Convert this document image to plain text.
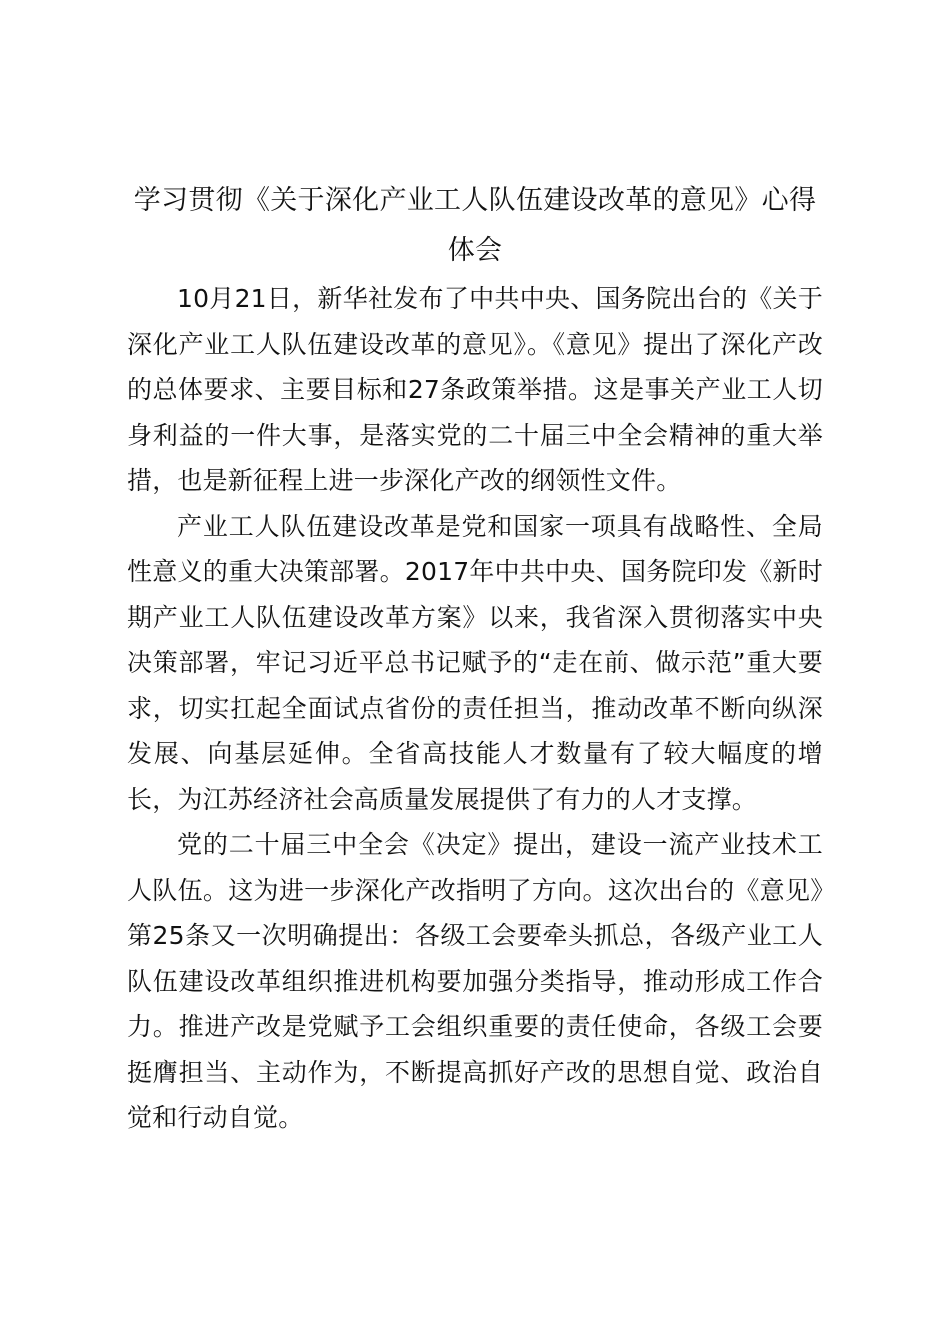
学习贯彻《关于深化产业工人队伍建设改革的意见》心得体会

10月21日，新华社发布了中共中央、国务院出台的《关于深化产业工人队伍建设改革的意见》。《意见》提出了深化产改的总体要求、主要目标和27条政策举措。这是事关产业工人切身利益的一件大事，是落实党的二十届三中全会精神的重大举措，也是新征程上进一步深化产改的纲领性文件。

产业工人队伍建设改革是党和国家一项具有战略性、全局性意义的重大决策部署。2017年中共中央、国务院印发《新时期产业工人队伍建设改革方案》以来，我省深入贯彻落实中央决策部署，牢记习近平总书记赋予的“走在前、做示范”重大要求，切实扛起全面试点省份的责任担当，推动改革不断向纵深发展、向基层延伸。全省高技能人才数量有了较大幅度的增长，为江苏经济社会高质量发展提供了有力的人才支撑。

党的二十届三中全会《决定》提出，建设一流产业技术工人队伍。这为进一步深化产改指明了方向。这次出台的《意见》第25条又一次明确提出：各级工会要牵头抓总，各级产业工人队伍建设改革组织推进机构要加强分类指导，推动形成工作合力。推进产改是党赋予工会组织重要的责任使命，各级工会要挺膺担当、主动作为，不断提高抓好产改的思想自觉、政治自觉和行动自觉。
